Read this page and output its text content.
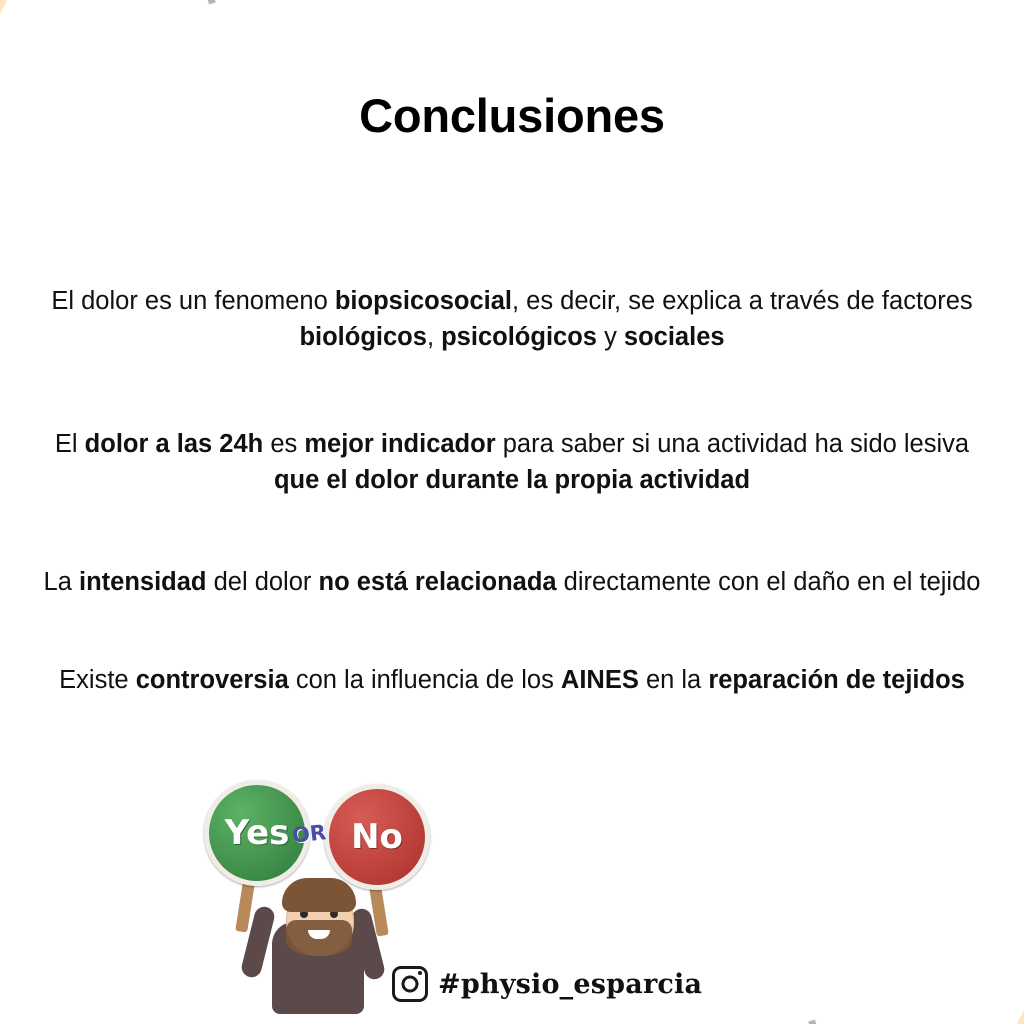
Conclusiones

El dolor es un fenomeno biopsicosocial, es decir, se explica a través de factores biológicos, psicológicos y sociales

El dolor a las 24h es mejor indicador para saber si una actividad ha sido lesiva que el dolor durante la propia actividad

La intensidad del dolor no está relacionada directamente con el daño en el tejido

Existe controversia con la influencia de los AINES en la reparación de tejidos

Yes	No
OR
#physio_esparcia
